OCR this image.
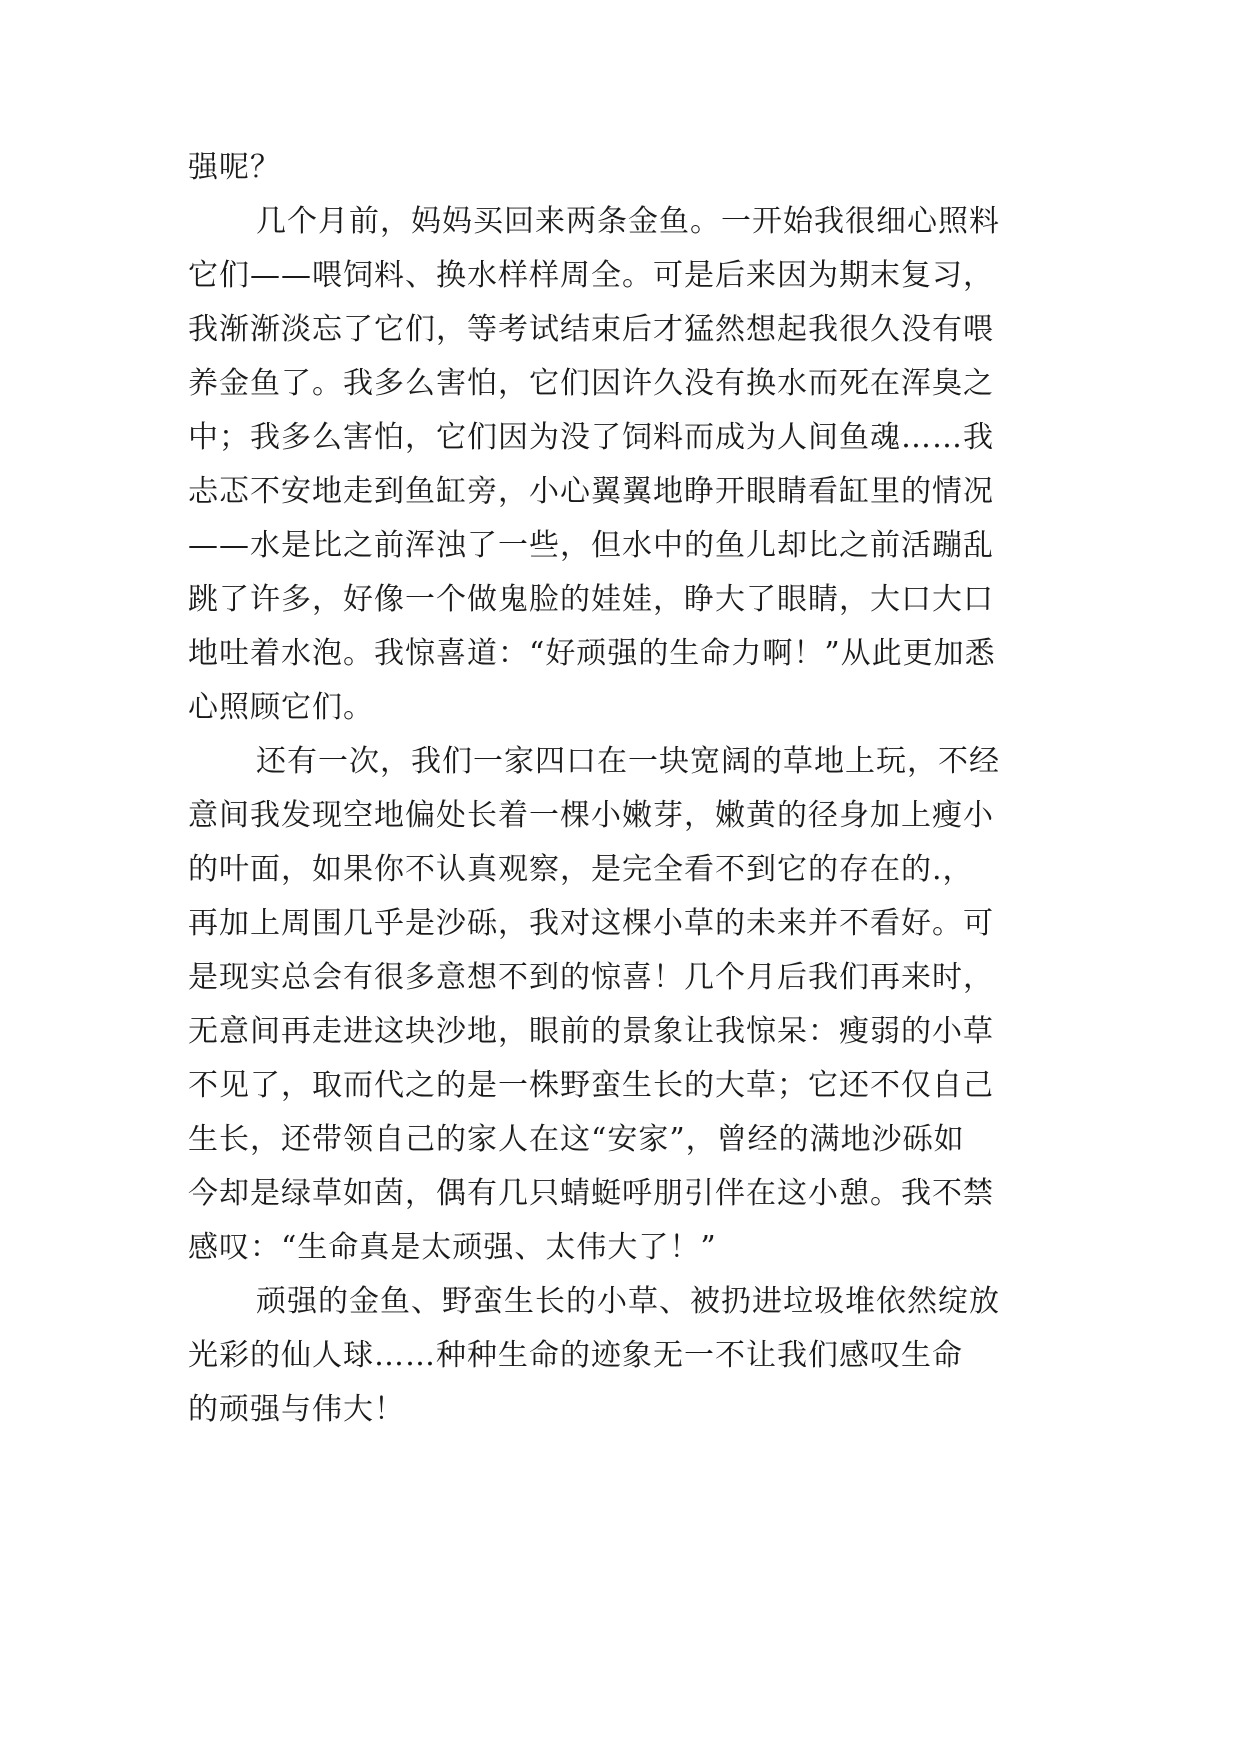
强呢？
几个月前，妈妈买回来两条金鱼。一开始我很细心照料
它们——喂饲料、换水样样周全。可是后来因为期末复习，
我渐渐淡忘了它们，等考试结束后才猛然想起我很久没有喂
养金鱼了。我多么害怕，它们因许久没有换水而死在浑臭之
中；我多么害怕，它们因为没了饲料而成为人间鱼魂……我
忐忑不安地走到鱼缸旁，小心翼翼地睁开眼睛看缸里的情况
——水是比之前浑浊了一些，但水中的鱼儿却比之前活蹦乱
跳了许多，好像一个做鬼脸的娃娃，睁大了眼睛，大口大口
地吐着水泡。我惊喜道：“好顽强的生命力啊！”从此更加悉
心照顾它们。
还有一次，我们一家四口在一块宽阔的草地上玩，不经
意间我发现空地偏处长着一棵小嫩芽，嫩黄的径身加上瘦小
的叶面，如果你不认真观察，是完全看不到它的存在的.，
再加上周围几乎是沙砾，我对这棵小草的未来并不看好。可
是现实总会有很多意想不到的惊喜！几个月后我们再来时，
无意间再走进这块沙地，眼前的景象让我惊呆：瘦弱的小草
不见了，取而代之的是一株野蛮生长的大草；它还不仅自己
生长，还带领自己的家人在这“安家”，曾经的满地沙砾如
今却是绿草如茵，偶有几只蜻蜓呼朋引伴在这小憩。我不禁
感叹：“生命真是太顽强、太伟大了！”
顽强的金鱼、野蛮生长的小草、被扔进垃圾堆依然绽放
光彩的仙人球……种种生命的迹象无一不让我们感叹生命
的顽强与伟大！
